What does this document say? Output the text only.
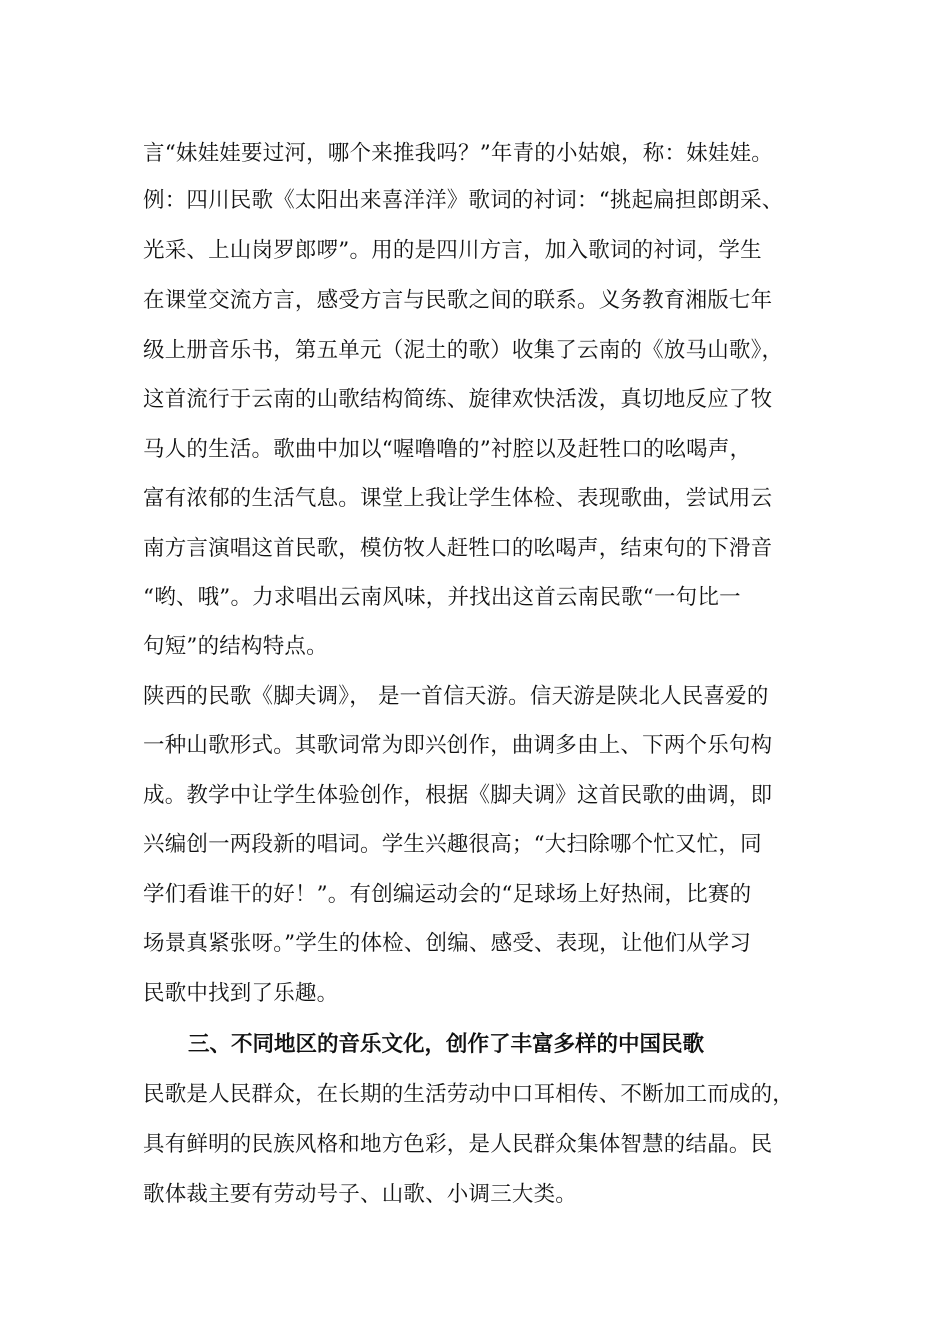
言“妹娃娃要过河，哪个来推我吗？”年青的小姑娘，称：妹娃娃。
例：四川民歌《太阳出来喜洋洋》歌词的衬词：“挑起扁担郎朗采、
光采、上山岗罗郎啰”。用的是四川方言，加入歌词的衬词，学生
在课堂交流方言，感受方言与民歌之间的联系。义务教育湘版七年
级上册音乐书，第五单元（泥土的歌）收集了云南的《放马山歌》，
这首流行于云南的山歌结构简练、旋律欢快活泼，真切地反应了牧
马人的生活。歌曲中加以“喔噜噜的”衬腔以及赶牲口的吆喝声，
富有浓郁的生活气息。课堂上我让学生体检、表现歌曲，尝试用云
南方言演唱这首民歌，模仿牧人赶牲口的吆喝声，结束句的下滑音
“哟、哦”。力求唱出云南风味，并找出这首云南民歌“一句比一
句短”的结构特点。
陕西的民歌《脚夫调》， 是一首信天游。信天游是陕北人民喜爱的
一种山歌形式。其歌词常为即兴创作，曲调多由上、下两个乐句构
成。教学中让学生体验创作，根据《脚夫调》这首民歌的曲调，即
兴编创一两段新的唱词。学生兴趣很高；“大扫除哪个忙又忙，同
学们看谁干的好！”。有创编运动会的“足球场上好热闹，比赛的
场景真紧张呀。”学生的体检、创编、感受、表现，让他们从学习
民歌中找到了乐趣。
三、不同地区的音乐文化，创作了丰富多样的中国民歌
民歌是人民群众，在长期的生活劳动中口耳相传、不断加工而成的，
具有鲜明的民族风格和地方色彩，是人民群众集体智慧的结晶。民
歌体裁主要有劳动号子、山歌、小调三大类。
